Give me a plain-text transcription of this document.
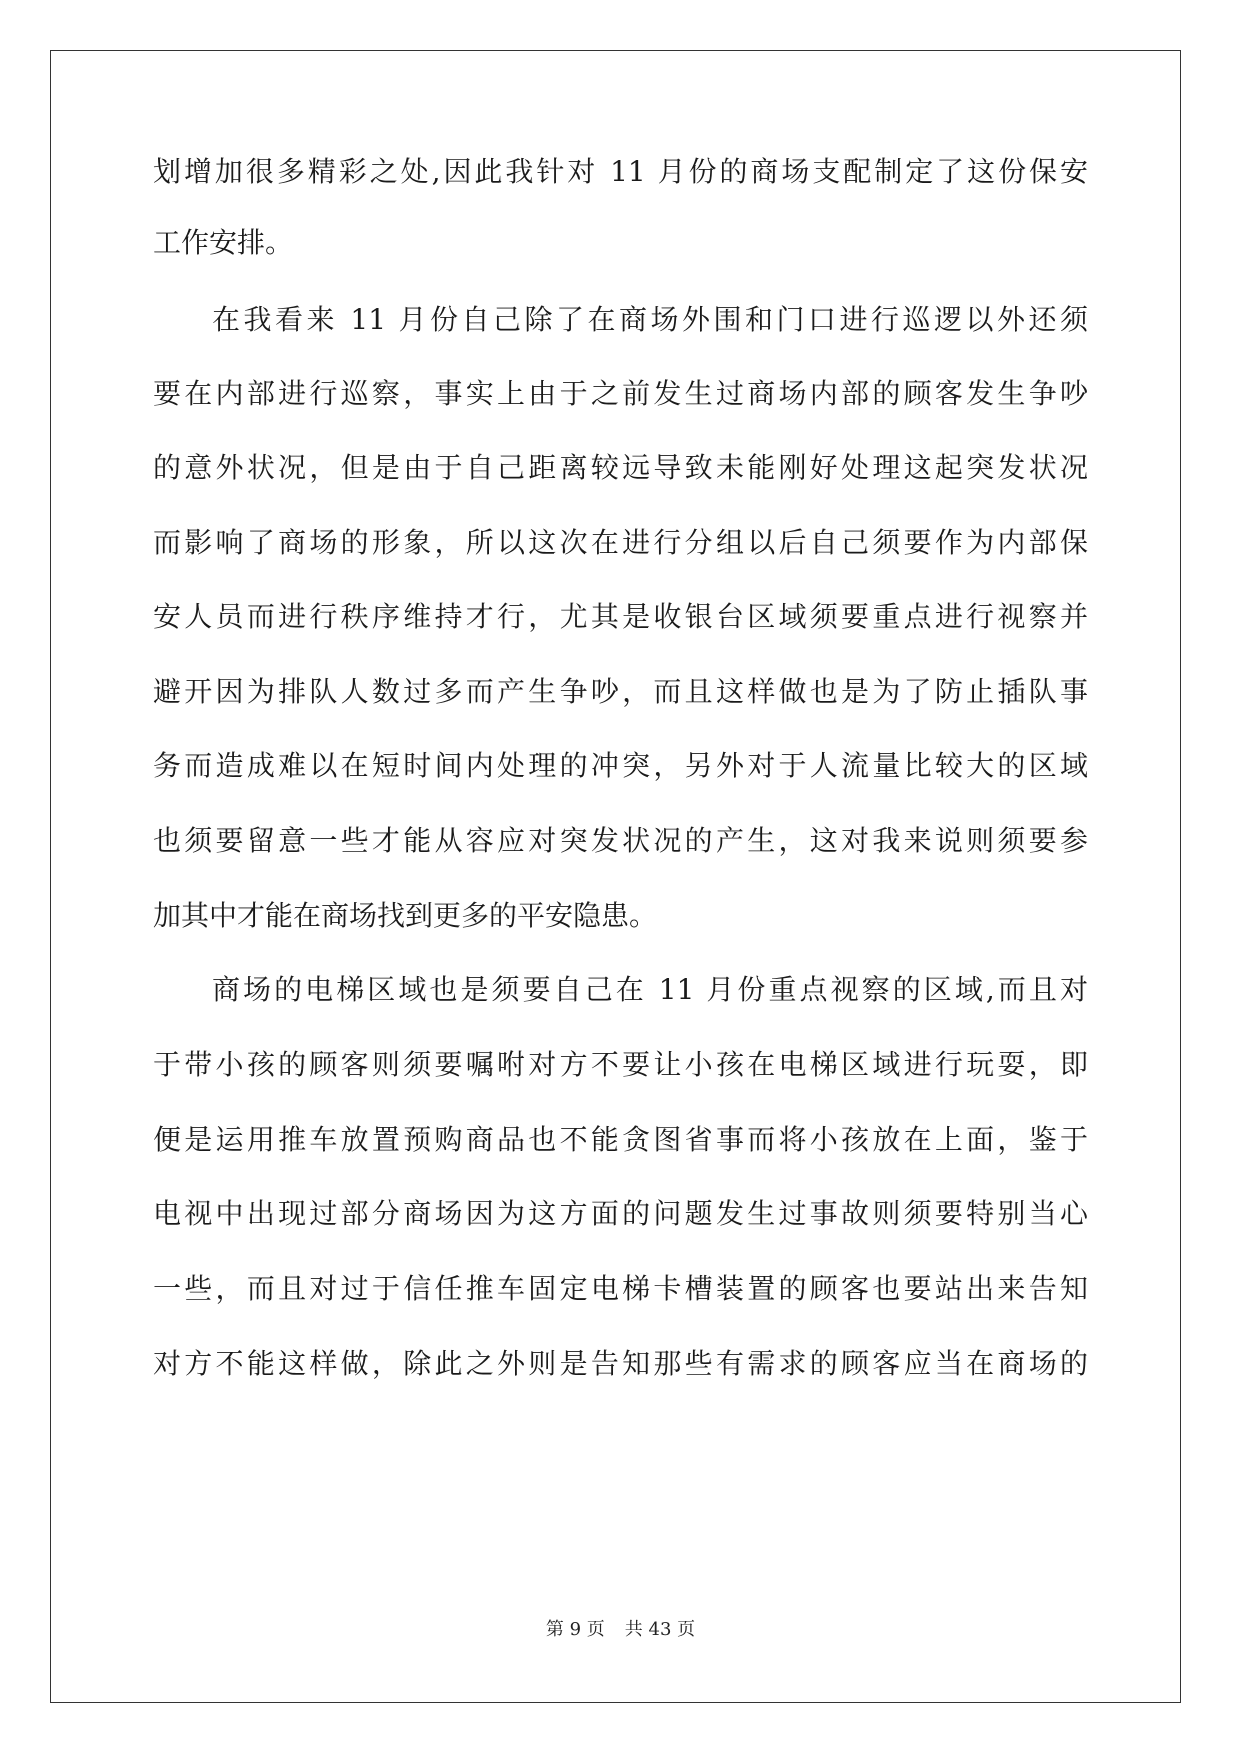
划增加很多精彩之处,因此我针对 11 月份的商场支配制定了这份保安
工作安排。
在我看来 11 月份自己除了在商场外围和门口进行巡逻以外还须
要在内部进行巡察，事实上由于之前发生过商场内部的顾客发生争吵
的意外状况，但是由于自己距离较远导致未能刚好处理这起突发状况
而影响了商场的形象，所以这次在进行分组以后自己须要作为内部保
安人员而进行秩序维持才行，尤其是收银台区域须要重点进行视察并
避开因为排队人数过多而产生争吵，而且这样做也是为了防止插队事
务而造成难以在短时间内处理的冲突，另外对于人流量比较大的区域
也须要留意一些才能从容应对突发状况的产生，这对我来说则须要参
加其中才能在商场找到更多的平安隐患。
商场的电梯区域也是须要自己在 11 月份重点视察的区域,而且对
于带小孩的顾客则须要嘱咐对方不要让小孩在电梯区域进行玩耍，即
便是运用推车放置预购商品也不能贪图省事而将小孩放在上面，鉴于
电视中出现过部分商场因为这方面的问题发生过事故则须要特别当心
一些，而且对过于信任推车固定电梯卡槽装置的顾客也要站出来告知
对方不能这样做，除此之外则是告知那些有需求的顾客应当在商场的
第 9 页 共 43 页
